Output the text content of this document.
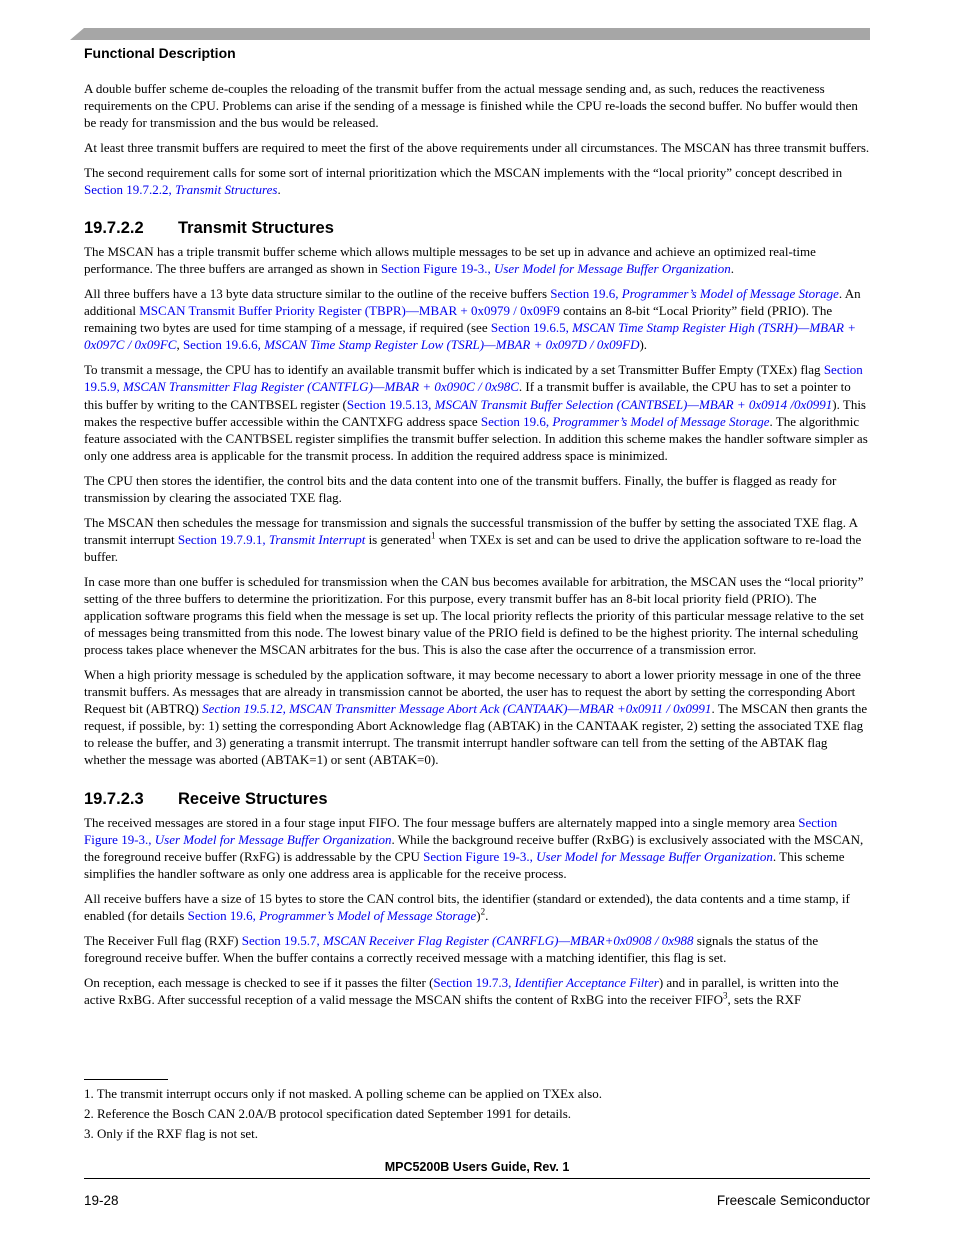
Functional Description

A double buffer scheme de-couples the reloading of the transmit buffer from the actual message sending and, as such, reduces the reactiveness requirements on the CPU. Problems can arise if the sending of a message is finished while the CPU re-loads the second buffer. No buffer would then be ready for transmission and the bus would be released.

At least three transmit buffers are required to meet the first of the above requirements under all circumstances. The MSCAN has three transmit buffers.

The second requirement calls for some sort of internal prioritization which the MSCAN implements with the “local priority” concept described in Section 19.7.2.2, Transmit Structures.

19.7.2.2 Transmit Structures

The MSCAN has a triple transmit buffer scheme which allows multiple messages to be set up in advance and achieve an optimized real-time performance. The three buffers are arranged as shown in Section Figure 19-3., User Model for Message Buffer Organization.

All three buffers have a 13 byte data structure similar to the outline of the receive buffers Section 19.6, Programmer’s Model of Message Storage. An additional MSCAN Transmit Buffer Priority Register (TBPR)—MBAR + 0x0979 / 0x09F9 contains an 8-bit “Local Priority” field (PRIO). The remaining two bytes are used for time stamping of a message, if required (see Section 19.6.5, MSCAN Time Stamp Register High (TSRH)—MBAR + 0x097C / 0x09FC, Section 19.6.6, MSCAN Time Stamp Register Low (TSRL)—MBAR + 0x097D / 0x09FD).

To transmit a message, the CPU has to identify an available transmit buffer which is indicated by a set Transmitter Buffer Empty (TXEx) flag Section 19.5.9, MSCAN Transmitter Flag Register (CANTFLG)—MBAR + 0x090C / 0x98C. If a transmit buffer is available, the CPU has to set a pointer to this buffer by writing to the CANTBSEL register (Section 19.5.13, MSCAN Transmit Buffer Selection (CANTBSEL)—MBAR + 0x0914 /0x0991). This makes the respective buffer accessible within the CANTXFG address space Section 19.6, Programmer’s Model of Message Storage. The algorithmic feature associated with the CANTBSEL register simplifies the transmit buffer selection. In addition this scheme makes the handler software simpler as only one address area is applicable for the transmit process. In addition the required address space is minimized.

The CPU then stores the identifier, the control bits and the data content into one of the transmit buffers. Finally, the buffer is flagged as ready for transmission by clearing the associated TXE flag.

The MSCAN then schedules the message for transmission and signals the successful transmission of the buffer by setting the associated TXE flag. A transmit interrupt Section 19.7.9.1, Transmit Interrupt is generated$^1$ when TXEx is set and can be used to drive the application software to re-load the buffer.

In case more than one buffer is scheduled for transmission when the CAN bus becomes available for arbitration, the MSCAN uses the “local priority” setting of the three buffers to determine the prioritization. For this purpose, every transmit buffer has an 8-bit local priority field (PRIO). The application software programs this field when the message is set up. The local priority reflects the priority of this particular message relative to the set of messages being transmitted from this node. The lowest binary value of the PRIO field is defined to be the highest priority. The internal scheduling process takes place whenever the MSCAN arbitrates for the bus. This is also the case after the occurrence of a transmission error.

When a high priority message is scheduled by the application software, it may become necessary to abort a lower priority message in one of the three transmit buffers. As messages that are already in transmission cannot be aborted, the user has to request the abort by setting the corresponding Abort Request bit (ABTRQ) Section 19.5.12, MSCAN Transmitter Message Abort Ack (CANTAAK)—MBAR +0x0911 / 0x0991. The MSCAN then grants the request, if possible, by: 1) setting the corresponding Abort Acknowledge flag (ABTAK) in the CANTAAK register, 2) setting the associated TXE flag to release the buffer, and 3) generating a transmit interrupt. The transmit interrupt handler software can tell from the setting of the ABTAK flag whether the message was aborted (ABTAK=1) or sent (ABTAK=0).

19.7.2.3 Receive Structures

The received messages are stored in a four stage input FIFO. The four message buffers are alternately mapped into a single memory area Section Figure 19-3., User Model for Message Buffer Organization. While the background receive buffer (RxBG) is exclusively associated with the MSCAN, the foreground receive buffer (RxFG) is addressable by the CPU Section Figure 19-3., User Model for Message Buffer Organization. This scheme simplifies the handler software as only one address area is applicable for the receive process.

All receive buffers have a size of 15 bytes to store the CAN control bits, the identifier (standard or extended), the data contents and a time stamp, if enabled (for details Section 19.6, Programmer’s Model of Message Storage)$^2$.

The Receiver Full flag (RXF) Section 19.5.7, MSCAN Receiver Flag Register (CANRFLG)—MBAR+0x0908 / 0x988 signals the status of the foreground receive buffer. When the buffer contains a correctly received message with a matching identifier, this flag is set.

On reception, each message is checked to see if it passes the filter (Section 19.7.3, Identifier Acceptance Filter) and in parallel, is written into the active RxBG. After successful reception of a valid message the MSCAN shifts the content of RxBG into the receiver FIFO$^3$, sets the RXF

1. The transmit interrupt occurs only if not masked. A polling scheme can be applied on TXEx also.
2. Reference the Bosch CAN 2.0A/B protocol specification dated September 1991 for details.
3. Only if the RXF flag is not set.
MPC5200B Users Guide, Rev. 1
19-28	Freescale Semiconductor
